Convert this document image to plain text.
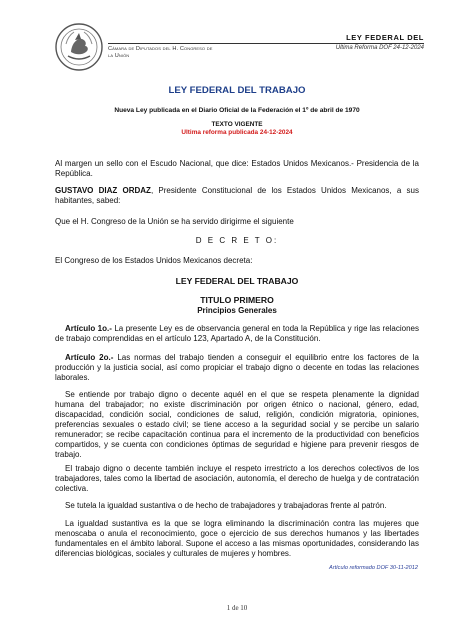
Cámara de Diputados del H. Congreso de la Unión
LEY FEDERAL DEL
Última Reforma DOF 24-12-2024
LEY FEDERAL DEL TRABAJO
Nueva Ley publicada en el Diario Oficial de la Federación el 1º de abril de 1970
TEXTO VIGENTE
Ultima reforma publicada 24-12-2024

Al margen un sello con el Escudo Nacional, que dice: Estados Unidos Mexicanos.- Presidencia de la República.

GUSTAVO DIAZ ORDAZ, Presidente Constitucional de los Estados Unidos Mexicanos, a sus habitantes, sabed:

Que el H. Congreso de la Unión se ha servido dirigirme el siguiente

D E C R E T O:

El Congreso de los Estados Unidos Mexicanos decreta:

LEY FEDERAL DEL TRABAJO

TITULO PRIMERO

Principios Generales

Artículo 1o.- La presente Ley es de observancia general en toda la República y rige las relaciones de trabajo comprendidas en el artículo 123, Apartado A, de la Constitución.

Artículo 2o.- Las normas del trabajo tienden a conseguir el equilibrio entre los factores de la producción y la justicia social, así como propiciar el trabajo digno o decente en todas las relaciones laborales.

Se entiende por trabajo digno o decente aquél en el que se respeta plenamente la dignidad humana del trabajador; no existe discriminación por origen étnico o nacional, género, edad, discapacidad, condición social, condiciones de salud, religión, condición migratoria, opiniones, preferencias sexuales o estado civil; se tiene acceso a la seguridad social y se percibe un salario remunerador; se recibe capacitación continua para el incremento de la productividad con beneficios compartidos, y se cuenta con condiciones óptimas de seguridad e higiene para prevenir riesgos de trabajo.

El trabajo digno o decente también incluye el respeto irrestricto a los derechos colectivos de los trabajadores, tales como la libertad de asociación, autonomía, el derecho de huelga y de contratación colectiva.

Se tutela la igualdad sustantiva o de hecho de trabajadores y trabajadoras frente al patrón.

La igualdad sustantiva es la que se logra eliminando la discriminación contra las mujeres que menoscaba o anula el reconocimiento, goce o ejercicio de sus derechos humanos y las libertades fundamentales en el ámbito laboral. Supone el acceso a las mismas oportunidades, considerando las diferencias biológicas, sociales y culturales de mujeres y hombres.

Artículo reformado DOF 30-11-2012
1 de 10
